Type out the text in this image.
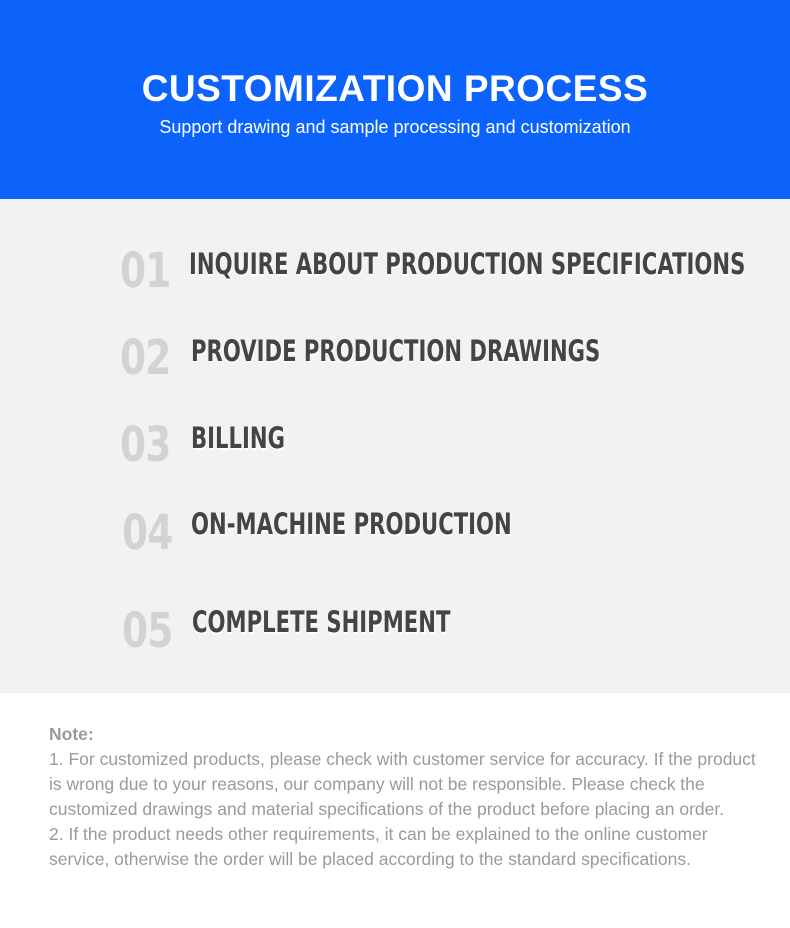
CUSTOMIZATION PROCESS

Support drawing and sample processing and customization

01 INQUIRE ABOUT PRODUCTION SPECIFICATIONS
02 PROVIDE PRODUCTION DRAWINGS
03 BILLING
04 ON-MACHINE PRODUCTION
05 COMPLETE SHIPMENT

Note:

1. For customized products, please check with customer service for accuracy. If the product is wrong due to your reasons, our company will not be responsible. Please check the customized drawings and material specifications of the product before placing an order.

2. If the product needs other requirements, it can be explained to the online customer service, otherwise the order will be placed according to the standard specifications.
